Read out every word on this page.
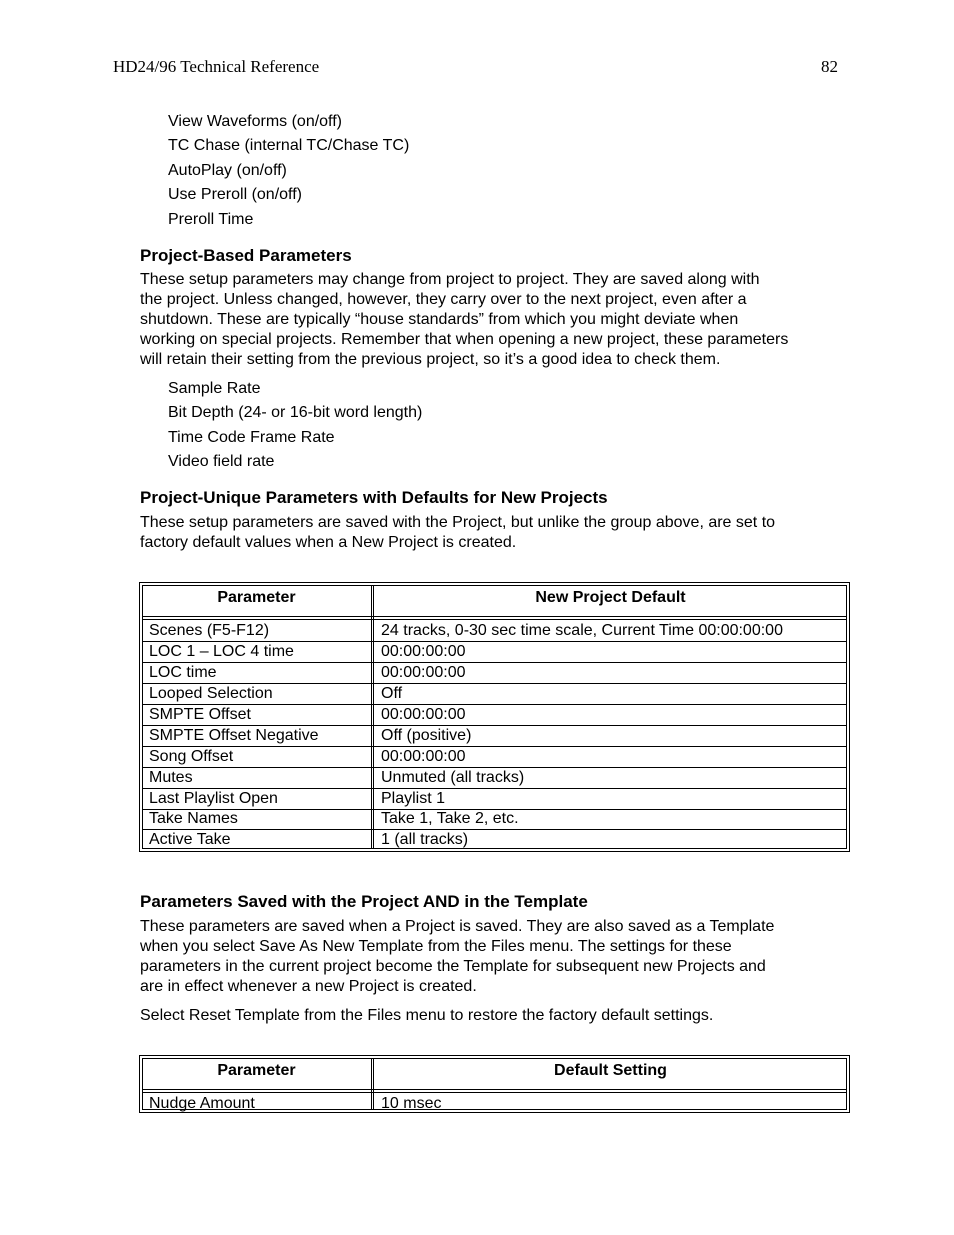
HD24/96 Technical Reference	82
View Waveforms (on/off)
TC Chase (internal TC/Chase TC)
AutoPlay (on/off)
Use Preroll (on/off)
Preroll Time
Project-Based Parameters
These setup parameters may change from project to project. They are saved along with
the project. Unless changed, however, they carry over to the next project, even after a
shutdown. These are typically “house standards” from which you might deviate when
working on special projects. Remember that when opening a new project, these parameters
will retain their setting from the previous project, so it’s a good idea to check them.
Sample Rate
Bit Depth (24- or 16-bit word length)
Time Code Frame Rate
Video field rate
Project-Unique Parameters with Defaults for New Projects
These setup parameters are saved with the Project, but unlike the group above, are set to
factory default values when a New Project is created.
Parameter	New Project Default
Scenes (F5-F12)	24 tracks, 0-30 sec time scale, Current Time 00:00:00:00
LOC 1 – LOC 4 time	00:00:00:00
LOC time	00:00:00:00
Looped Selection	Off
SMPTE Offset	00:00:00:00
SMPTE Offset Negative	Off (positive)
Song Offset	00:00:00:00
Mutes	Unmuted (all tracks)
Last Playlist Open	Playlist 1
Take Names	Take 1, Take 2, etc.
Active Take	1 (all tracks)
Parameters Saved with the Project AND in the Template
These parameters are saved when a Project is saved. They are also saved as a Template
when you select Save As New Template from the Files menu. The settings for these
parameters in the current project become the Template for subsequent new Projects and
are in effect whenever a new Project is created.
Select Reset Template from the Files menu to restore the factory default settings.
Parameter	Default Setting
Nudge Amount	10 msec
